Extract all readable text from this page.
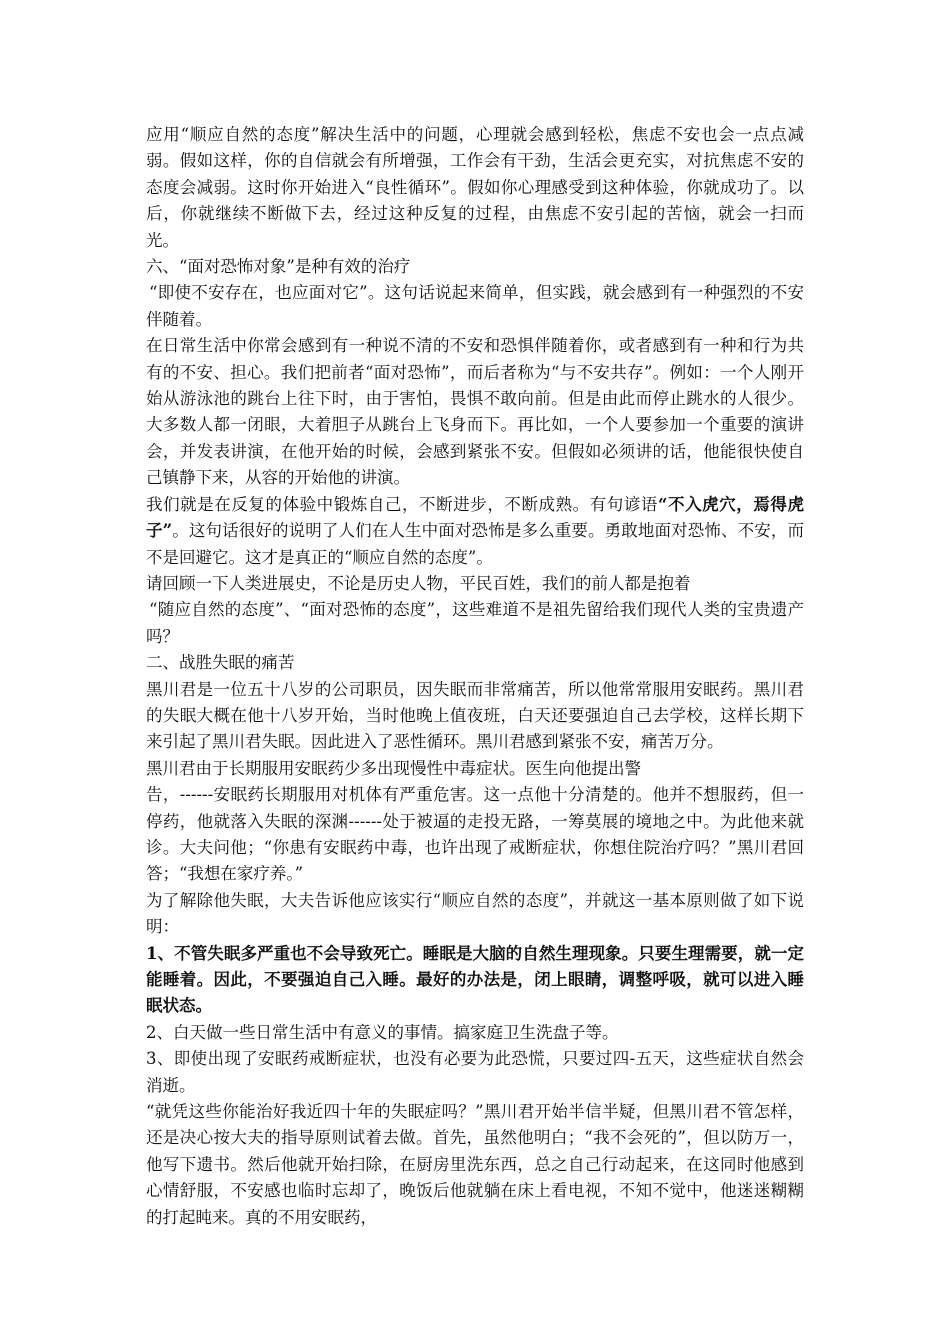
应用“顺应自然的态度”解决生活中的问题，心理就会感到轻松，焦虑不安也会一点点减弱。假如这样，你的自信就会有所增强，工作会有干劲，生活会更充实，对抗焦虑不安的态度会减弱。这时你开始进入“良性循环”。假如你心理感受到这种体验，你就成功了。以后，你就继续不断做下去，经过这种反复的过程，由焦虑不安引起的苦恼，就会一扫而光。

六、“面对恐怖对象”是种有效的治疗

“即使不安存在，也应面对它”。这句话说起来简单，但实践，就会感到有一种强烈的不安伴随着。

在日常生活中你常会感到有一种说不清的不安和恐惧伴随着你，或者感到有一种和行为共有的不安、担心。我们把前者“面对恐怖”，而后者称为“与不安共存”。例如：一个人刚开始从游泳池的跳台上往下时，由于害怕，畏惧不敢向前。但是由此而停止跳水的人很少。大多数人都一闭眼，大着胆子从跳台上飞身而下。再比如，一个人要参加一个重要的演讲会，并发表讲演，在他开始的时候，会感到紧张不安。但假如必须讲的话，他能很快使自己镇静下来，从容的开始他的讲演。

我们就是在反复的体验中锻炼自己，不断进步，不断成熟。有句谚语“不入虎穴，焉得虎子”。这句话很好的说明了人们在人生中面对恐怖是多么重要。勇敢地面对恐怖、不安，而不是回避它。这才是真正的“顺应自然的态度”。

请回顾一下人类进展史，不论是历史人物，平民百姓，我们的前人都是抱着

“随应自然的态度”、“面对恐怖的态度”，这些难道不是祖先留给我们现代人类的宝贵遗产吗？

二、战胜失眠的痛苦

黑川君是一位五十八岁的公司职员，因失眠而非常痛苦，所以他常常服用安眠药。黑川君的失眠大概在他十八岁开始，当时他晚上值夜班，白天还要强迫自己去学校，这样长期下来引起了黑川君失眠。因此进入了恶性循环。黑川君感到紧张不安，痛苦万分。

黑川君由于长期服用安眠药少多出现慢性中毒症状。医生向他提出警

告，------安眠药长期服用对机体有严重危害。这一点他十分清楚的。他并不想服药，但一停药，他就落入失眠的深渊------处于被逼的走投无路，一筹莫展的境地之中。为此他来就诊。大夫问他；“你患有安眠药中毒，也许出现了戒断症状，你想住院治疗吗？”黑川君回答；“我想在家疗养。”

为了解除他失眠，大夫告诉他应该实行“顺应自然的态度”，并就这一基本原则做了如下说明：

1、不管失眠多严重也不会导致死亡。睡眠是大脑的自然生理现象。只要生理需要，就一定能睡着。因此，不要强迫自己入睡。最好的办法是，闭上眼睛，调整呼吸，就可以进入睡眠状态。

2、白天做一些日常生活中有意义的事情。搞家庭卫生洗盘子等。

3、即使出现了安眠药戒断症状，也没有必要为此恐慌，只要过四-五天，这些症状自然会消逝。

“就凭这些你能治好我近四十年的失眠症吗？”黑川君开始半信半疑，但黑川君不管怎样，还是决心按大夫的指导原则试着去做。首先，虽然他明白；“我不会死的”，但以防万一，他写下遗书。然后他就开始扫除，在厨房里洗东西，总之自己行动起来，在这同时他感到心情舒服，不安感也临时忘却了，晚饭后他就躺在床上看电视，不知不觉中，他迷迷糊糊的打起盹来。真的不用安眠药，
